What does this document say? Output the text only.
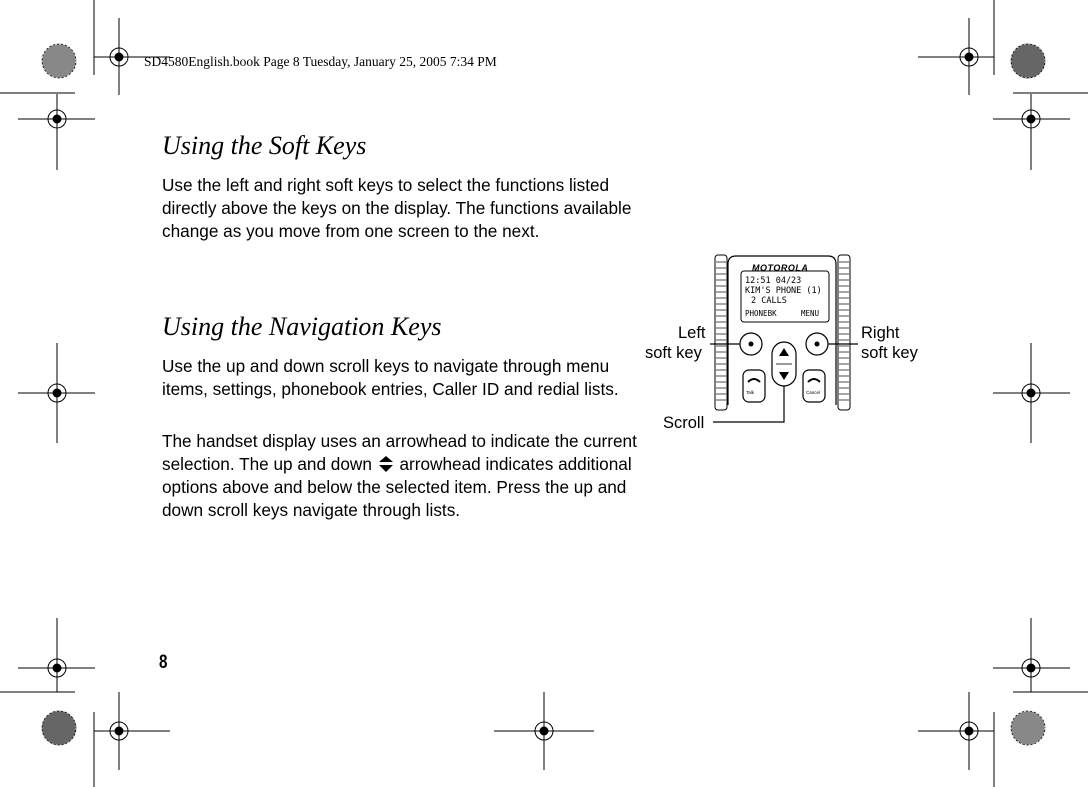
SD4580English.book Page 8 Tuesday, January 25, 2005 7:34 PM
Using the Soft Keys

Use the left and right soft keys to select the functions listed directly above the keys on the display. The functions available change as you move from one screen to the next.

Using the Navigation Keys

Use the up and down scroll keys to navigate through menu items, settings, phonebook entries, Caller ID and redial lists.

The handset display uses an arrowhead to indicate the current selection. The up and down arrowhead indicates additional options above and below the selected item. Press the up and down scroll keys navigate through lists.

MOTOROLA
12:51 04/23
KIM'S PHONE (1)
2 CALLS
PHONEBK	MENU
Talk	Cancel
Left
soft key
Right
soft key
Scroll
8
